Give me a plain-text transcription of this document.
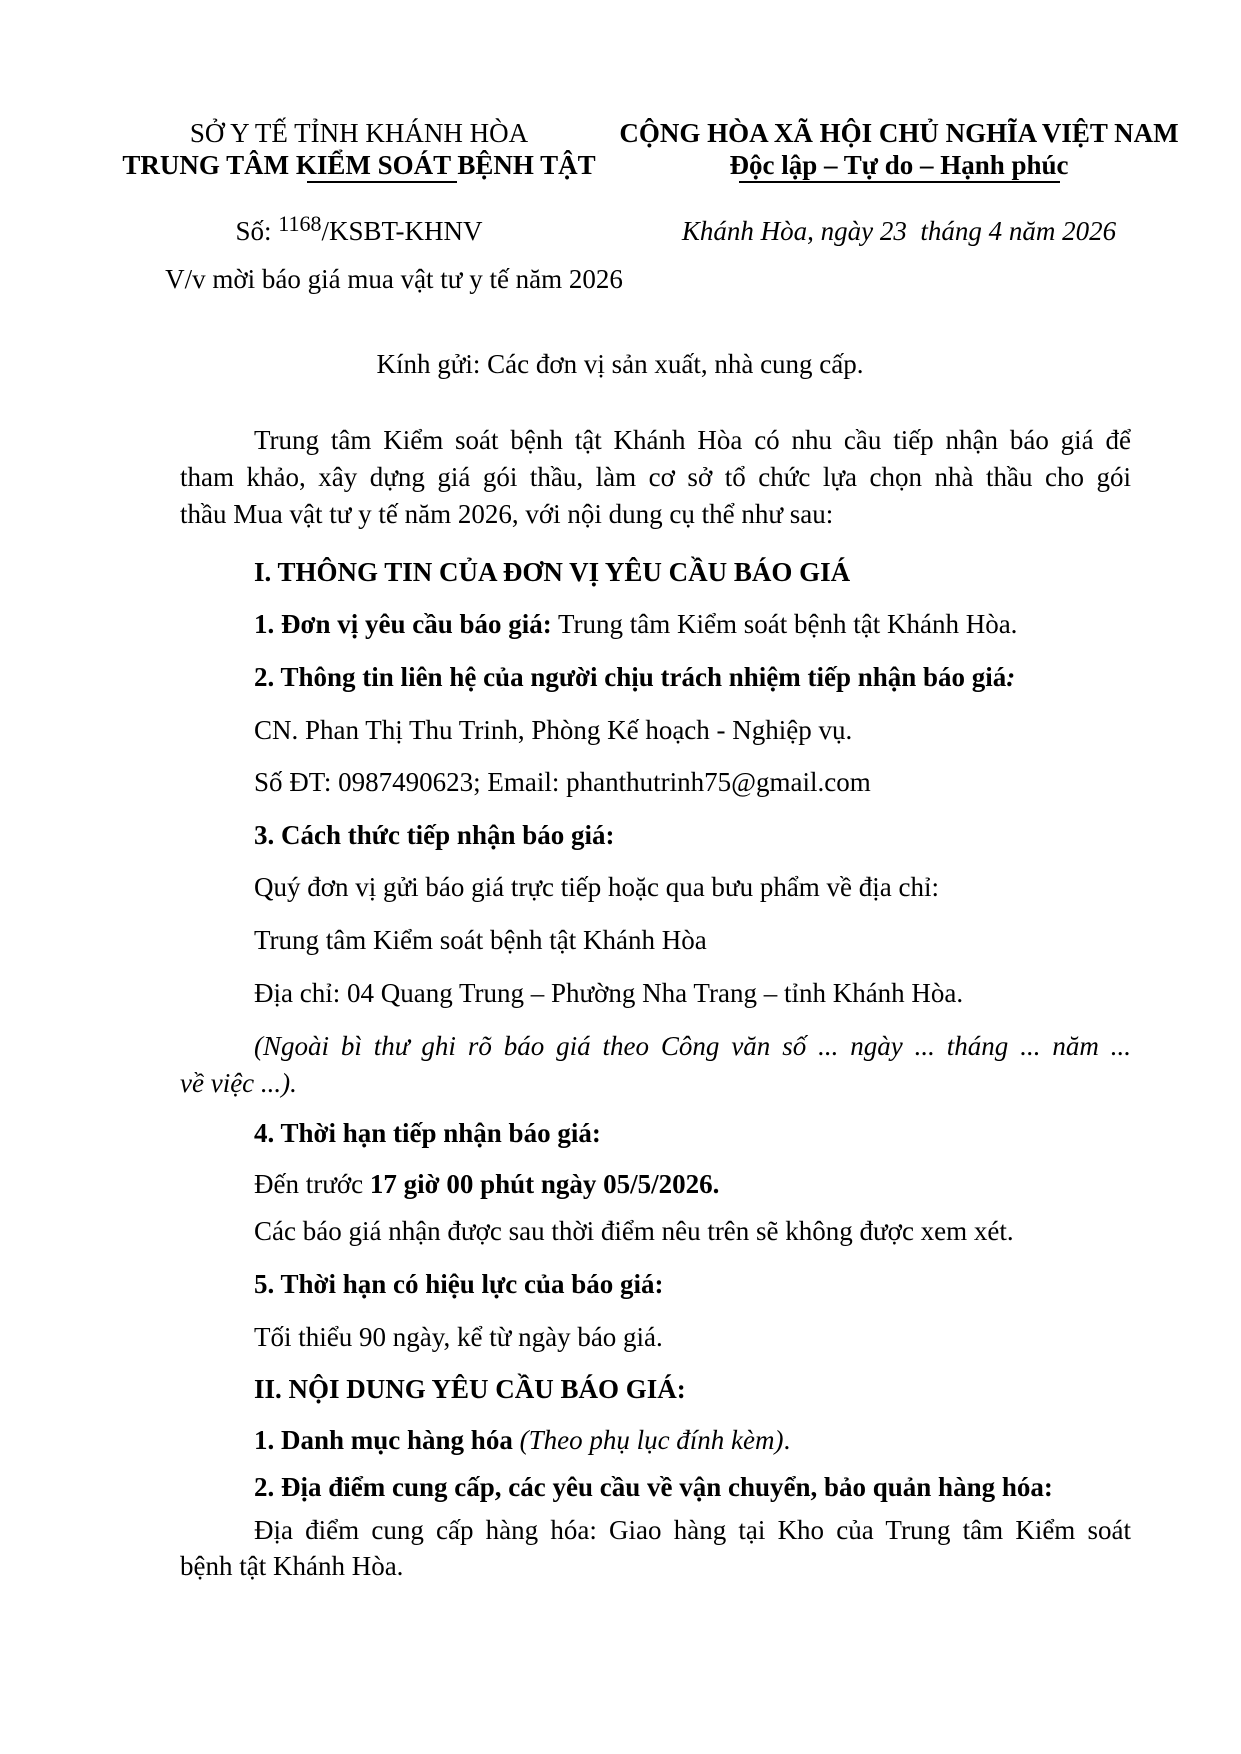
SỞ Y TẾ TỈNH KHÁNH HÒA
TRUNG TÂM KIỂM SOÁT BỆNH TẬT
CỘNG HÒA XÃ HỘI CHỦ NGHĨA VIỆT NAM
Độc lập – Tự do – Hạnh phúc
Số: $^{1168}$/KSBT-KHNV	Khánh Hòa, ngày 23  tháng 4 năm 2026
V/v mời báo giá mua vật tư y tế năm 2026
Kính gửi: Các đơn vị sản xuất, nhà cung cấp.
Trung tâm Kiểm soát bệnh tật Khánh Hòa có nhu cầu tiếp nhận báo giá để
tham khảo, xây dựng giá gói thầu, làm cơ sở tổ chức lựa chọn nhà thầu cho gói
thầu Mua vật tư y tế năm 2026, với nội dung cụ thể như sau:
I. THÔNG TIN CỦA ĐƠN VỊ YÊU CẦU BÁO GIÁ
1. Đơn vị yêu cầu báo giá: Trung tâm Kiểm soát bệnh tật Khánh Hòa.
2. Thông tin liên hệ của người chịu trách nhiệm tiếp nhận báo giá:
CN. Phan Thị Thu Trinh, Phòng Kế hoạch - Nghiệp vụ.
Số ĐT: 0987490623; Email: phanthutrinh75@gmail.com
3. Cách thức tiếp nhận báo giá:
Quý đơn vị gửi báo giá trực tiếp hoặc qua bưu phẩm về địa chỉ:
Trung tâm Kiểm soát bệnh tật Khánh Hòa
Địa chỉ: 04 Quang Trung – Phường Nha Trang – tỉnh Khánh Hòa.
(Ngoài bì thư ghi rõ báo giá theo Công văn số ... ngày ... tháng ... năm ...
về việc ...).
4. Thời hạn tiếp nhận báo giá:
Đến trước 17 giờ 00 phút ngày 05/5/2026.
Các báo giá nhận được sau thời điểm nêu trên sẽ không được xem xét.
5. Thời hạn có hiệu lực của báo giá:
Tối thiểu 90 ngày, kể từ ngày báo giá.
II. NỘI DUNG YÊU CẦU BÁO GIÁ:
1. Danh mục hàng hóa (Theo phụ lục đính kèm).
2. Địa điểm cung cấp, các yêu cầu về vận chuyển, bảo quản hàng hóa:
Địa điểm cung cấp hàng hóa: Giao hàng tại Kho của Trung tâm Kiểm soát
bệnh tật Khánh Hòa.
